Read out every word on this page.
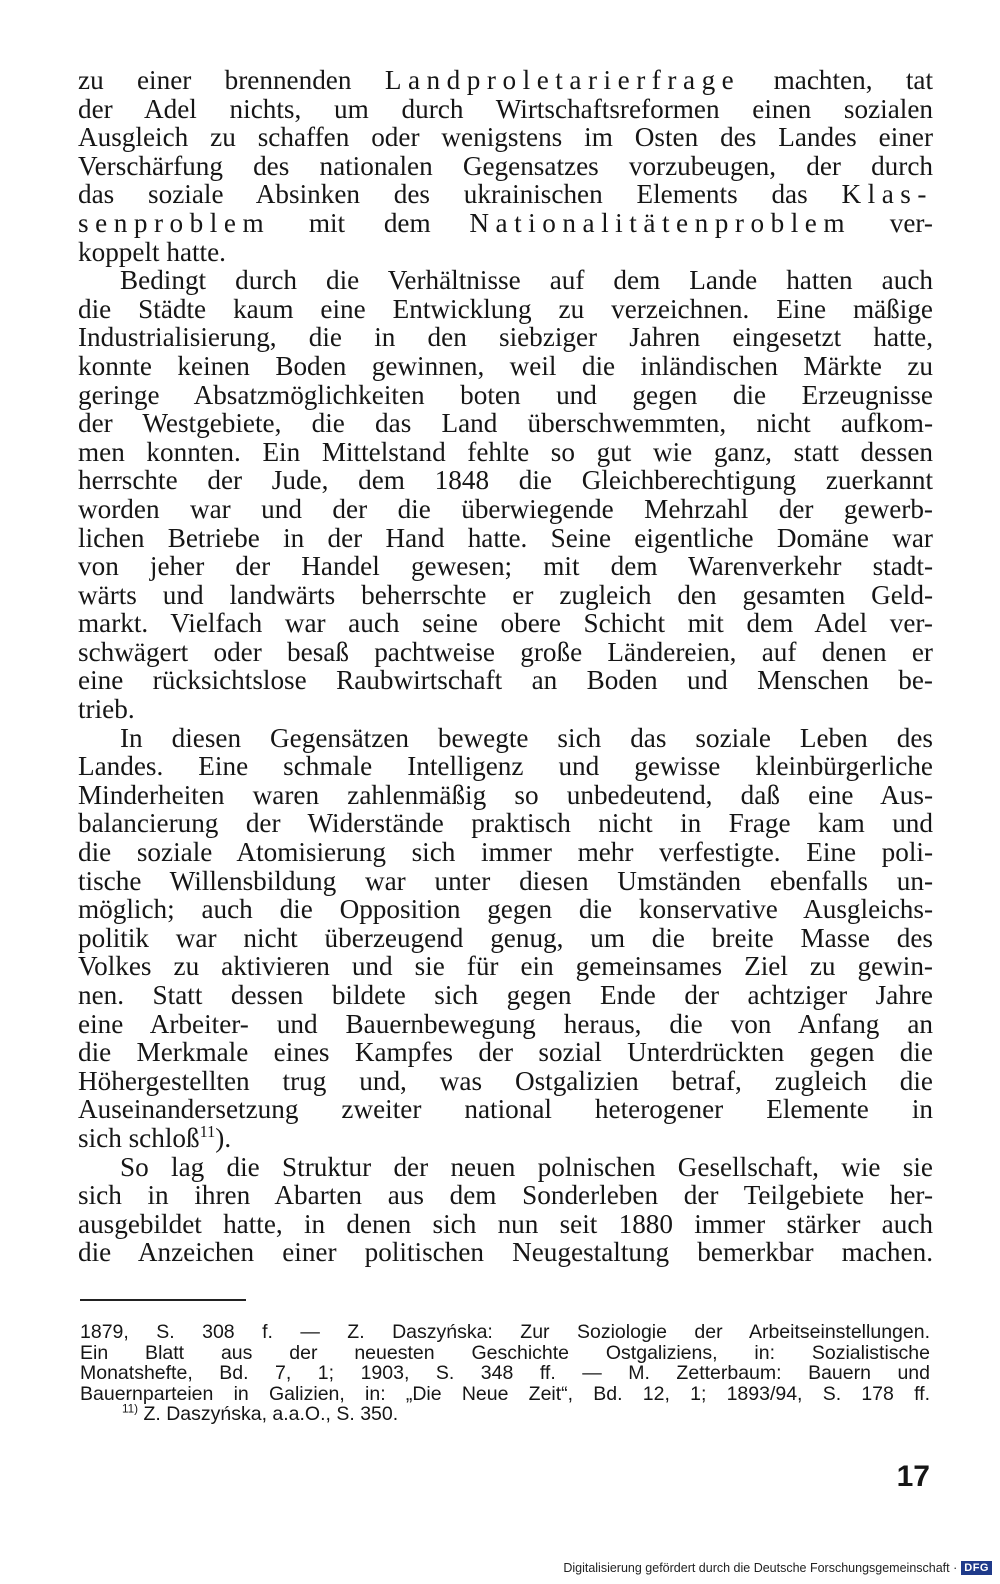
zu einer brennenden Landproletarierfrage machten, tat
der Adel nichts, um durch Wirtschaftsreformen einen sozialen
Ausgleich zu schaffen oder wenigstens im Osten des Landes einer
Verschärfung des nationalen Gegensatzes vorzubeugen, der durch
das soziale Absinken des ukrainischen Elements das Klas-
senproblem mit dem Nationalitätenproblem ver-
koppelt hatte.
Bedingt durch die Verhältnisse auf dem Lande hatten auch
die Städte kaum eine Entwicklung zu verzeichnen. Eine mäßige
Industrialisierung, die in den siebziger Jahren eingesetzt hatte,
konnte keinen Boden gewinnen, weil die inländischen Märkte zu
geringe Absatzmöglichkeiten boten und gegen die Erzeugnisse
der Westgebiete, die das Land überschwemmten, nicht aufkom-
men konnten. Ein Mittelstand fehlte so gut wie ganz, statt dessen
herrschte der Jude, dem 1848 die Gleichberechtigung zuerkannt
worden war und der die überwiegende Mehrzahl der gewerb-
lichen Betriebe in der Hand hatte. Seine eigentliche Domäne war
von jeher der Handel gewesen; mit dem Warenverkehr stadt-
wärts und landwärts beherrschte er zugleich den gesamten Geld-
markt. Vielfach war auch seine obere Schicht mit dem Adel ver-
schwägert oder besaß pachtweise große Ländereien, auf denen er
eine rücksichtslose Raubwirtschaft an Boden und Menschen be-
trieb.
In diesen Gegensätzen bewegte sich das soziale Leben des
Landes. Eine schmale Intelligenz und gewisse kleinbürgerliche
Minderheiten waren zahlenmäßig so unbedeutend, daß eine Aus-
balancierung der Widerstände praktisch nicht in Frage kam und
die soziale Atomisierung sich immer mehr verfestigte. Eine poli-
tische Willensbildung war unter diesen Umständen ebenfalls un-
möglich; auch die Opposition gegen die konservative Ausgleichs-
politik war nicht überzeugend genug, um die breite Masse des
Volkes zu aktivieren und sie für ein gemeinsames Ziel zu gewin-
nen. Statt dessen bildete sich gegen Ende der achtziger Jahre
eine Arbeiter- und Bauernbewegung heraus, die von Anfang an
die Merkmale eines Kampfes der sozial Unterdrückten gegen die
Höhergestellten trug und, was Ostgalizien betraf, zugleich die
Auseinandersetzung zweiter national heterogener Elemente in
sich schloß$^{11}$).
So lag die Struktur der neuen polnischen Gesellschaft, wie sie
sich in ihren Abarten aus dem Sonderleben der Teilgebiete her-
ausgebildet hatte, in denen sich nun seit 1880 immer stärker auch
die Anzeichen einer politischen Neugestaltung bemerkbar machen.
1879, S. 308 f. — Z. Daszyńska: Zur Soziologie der Arbeitseinstellungen.
Ein Blatt aus der neuesten Geschichte Ostgaliziens, in: Sozialistische
Monatshefte, Bd. 7, 1; 1903, S. 348 ff. — M. Zetterbaum: Bauern und
Bauernparteien in Galizien, in: „Die Neue Zeit“, Bd. 12, 1; 1893/94, S. 178 ff.
$^{11)}$ Z. Daszyńska, a.a.O., S. 350.
17
Digitalisierung gefördert durch die Deutsche Forschungsgemeinschaft · DFG
